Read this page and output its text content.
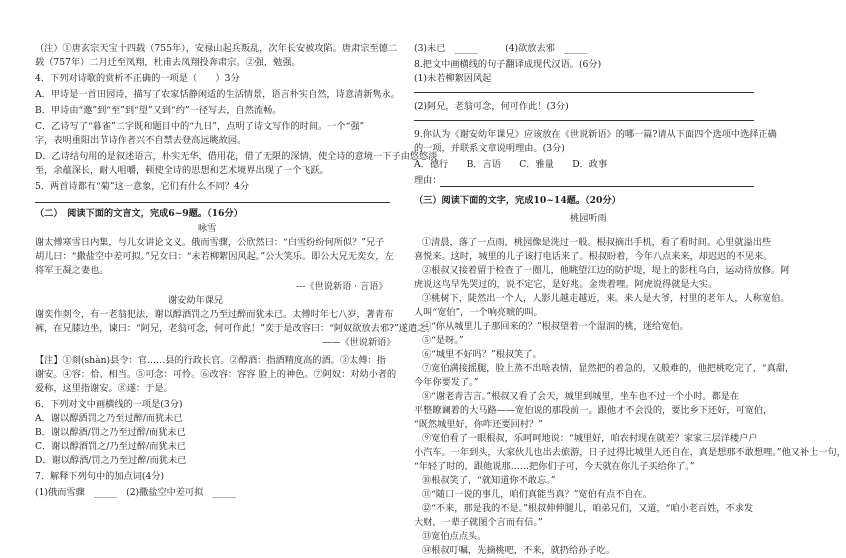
（注）①唐玄宗天宝十四载（755年），安禄山起兵叛乱，次年长安被攻陷。唐肃宗至德二
载（757年）二月迁至凤翔，杜甫去凤翔投奔肃宗。②强，勉强。
4．下列对诗歌的赏析不正确的一项是（　　）3分
A．甲诗是一首田园诗，描写了农家恬静闲适的生活情景，语言朴实自然，诗意清新隽永。
B．甲诗由“邀”到“至”到“望”又到“约”一径写去，自然流畅。
C．乙诗写了“暮雀”二字既和题目中的“九日”，点明了诗文写作的时间。一个“强”
字，表明重阳出节诗作者兴不自禁去登高远眺故园。
D．乙诗结句用的是叙述语言，朴实无华，借用花，借了无限的深情，使全诗的意境一下子由悠悠淡
至，余蕴深长，耐人咀嚼，顿使全诗的思想和艺术境界出现了一个飞跃。
5．两首诗都有“菊”这一意象，它们有什么不同？4分
（二）　阅读下面的文言文，完成6~9题。（16分）
咏雪
谢太傅寒雪日内集，与儿女讲论文义。俄而雪骤，公欣然曰：“白雪纷纷何所似？”兄子
胡儿曰：“撒盐空中差可拟。”兄女曰：“未若柳絮因风起。”公大笑乐。即公大兄无奕女，左
将军王凝之妻也。
---《世说新语 · 言语》
谢安幼年课兄
谢奕作剡令，有一老翁犯法，谢以醇酒罚之乃至过醉而犹未已。太傅时年七八岁，著青布
裤，在兄膝边坐，谏曰：“阿兄，老翁可念，何可作此！”奕于是改容曰：“阿奴欲放去邪?”遂遣之。
——《世说新语》
【注】①剡(shàn)县令：官……县的行政长官。②醇酒：指酒精度高的酒。③太傅：指
谢安。④容：恰、相当。⑤可念：可怜。⑥改容：容容 脸上的神色。⑦阿奴：对幼小者的
爱称，这里指谢安。⑧遂：于是。
6．下列对文中画横线的一项是(3分)
A．谢以醇酒罚之乃至过醉/而犹未已
B．谢以醇酒/罚之乃至过醉/而犹未已
C．谢以醇酒罚之/乃至过醉/而犹未已
D．谢以醇酒/罚之乃至过醉/而犹未已
7．解释下列句中的加点词(4分)
(1)俄而雪骤　_____　(2)撒盐空中差可拟　_____
(3)未已　_____　　　(4)欲放去邪　_____
8.把文中画横线的句子翻译成现代汉语。(6分)
(1)未若柳絮因风起
(2)阿兄，老翁可念，何可作此！(3分)
9.你认为《谢安幼年课兄》应该放在《世说新语》的哪一篇?请从下面四个选项中选择正确
的一项，并联系文章说明理由。(3分)
A．德行　　B．言语　　C．雅量　　D．政事
理由：
（三）阅读下面的文字，完成10~14题。（20分）
桃园听雨
①清晨，落了一点雨，桃园像是洗过一般。根叔摘出手机，看了看时间。心里就溢出些
喜悦来。这时，城里的儿子该打电话来了。根叔盼着，今年八点来来，却迟迟的不见来。
②根叔又接着留于检查了一圈儿，他眺望江边的防护堤，堤上的影柱乌白，运动待放修。阿
虎说这鸟早先哭过的，说不定它，是好兆。金贵着哩。阿虎说得就是大实。
③桃树下，陡然出一个人，人影儿越走越近，来。来人是大爷，村里的老年人，人称宽伯。
人叫“宽伯”，一个响亮唬的叫。
④“你从城里儿子那回来的？”根叔望着一个湿润的桃，迷给宽伯。
⑤“是呀。”
⑥“城里不好吗？”根叔笑了。
⑦宽伯满接摇腿，脸上蒸不出啥表情，显然把的着急的，又般难的，他把桃吃完了，“真甜，
今年你要发了。”
⑧“谢老青吉言。”根叔又看了会天，城里到城里，坐车也不过一个小时。都是在
平整瞭谰着的大马路——宽伯说的那段前一。跟他才不会没的，要比乡下还好，可宽伯，
“既然城里好，你咋还要回村？”
⑨宽伯看了一眼根叔，乐呵呵地说：“城里好，咱农村现在就差？家家三层洋楼户户
小汽车。一年到头，大家伙儿也出去旅游，日子过得比城里人还自在，真是想那不敢想哩。”他又补上一句，
“年轻了时的，跟他说那……把你们子可，今天就在你儿子买给你了。”
⑩根叔笑了，“就知道你不敢忘。”
⑪“随口一说的事儿，咱们真能当真？”宽伯有点不自在。
⑫“不来，那是我的不是。”根叔伸伸腿儿，咱弟兄们，又道，“咱小老百姓，不求发
大财，一辈子就图个言而有信。”
⑬宽伯点点头。
⑭根叔叮嘱，先摘桃吧，不来，就扔给孙子吃。
